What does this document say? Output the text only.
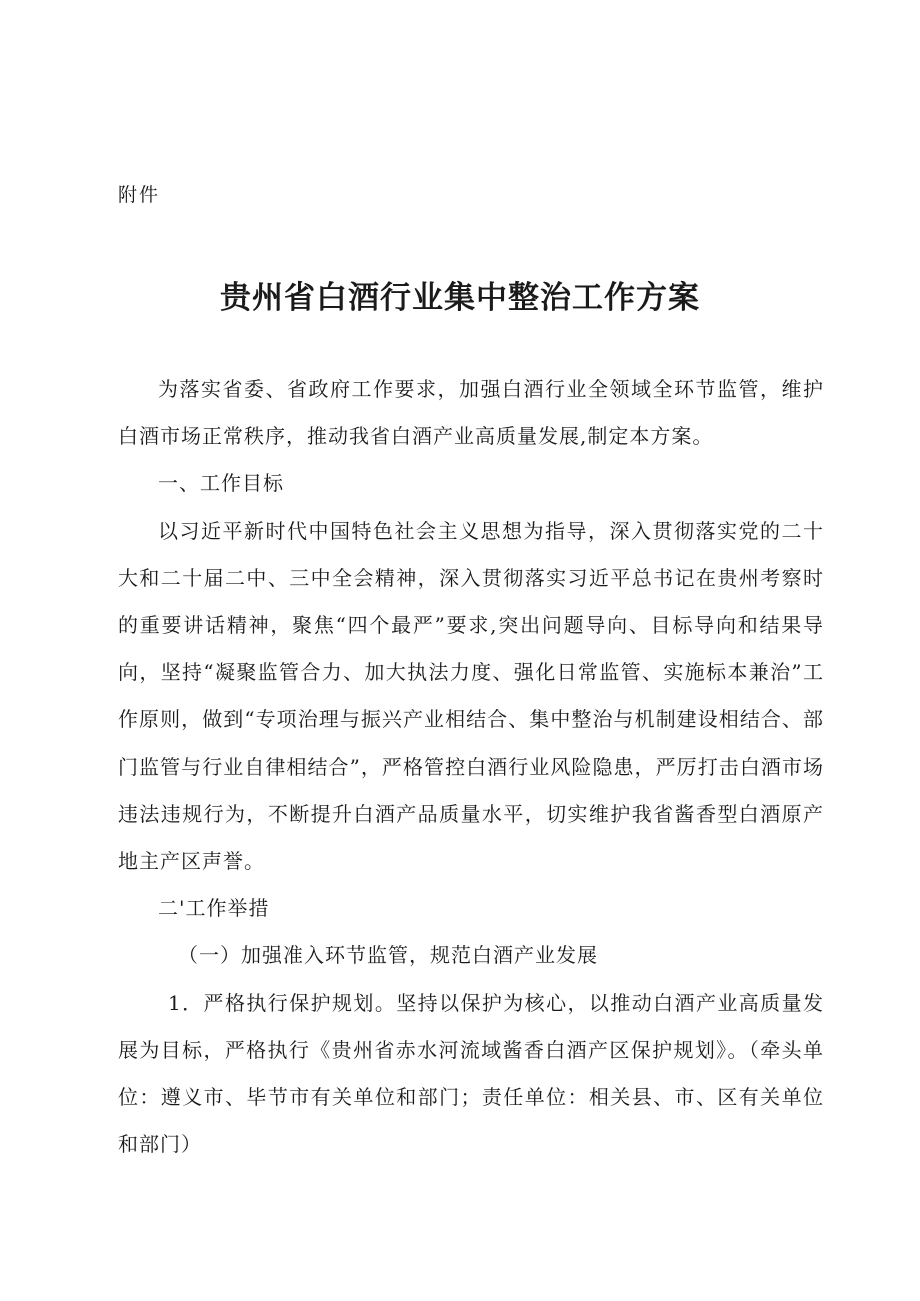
附件
贵州省白酒行业集中整治工作方案

为落实省委、省政府工作要求，加强白酒行业全领域全环节监管，维护白酒市场正常秩序，推动我省白酒产业高质量发展,制定本方案。

一、工作目标

以习近平新时代中国特色社会主义思想为指导，深入贯彻落实党的二十大和二十届二中、三中全会精神，深入贯彻落实习近平总书记在贵州考察时的重要讲话精神，聚焦“四个最严”要求,突出问题导向、目标导向和结果导向，坚持“凝聚监管合力、加大执法力度、强化日常监管、实施标本兼治”工作原则，做到“专项治理与振兴产业相结合、集中整治与机制建设相结合、部门监管与行业自律相结合”，严格管控白酒行业风险隐患，严厉打击白酒市场违法违规行为，不断提升白酒产品质量水平，切实维护我省酱香型白酒原产地主产区声誉。

二'工作举措

（一）加强准入环节监管，规范白酒产业发展

1．严格执行保护规划。坚持以保护为核心，以推动白酒产业高质量发展为目标，严格执行《贵州省赤水河流域酱香白酒产区保护规划》。（牵头单位：遵义市、毕节市有关单位和部门；责任单位：相关县、市、区有关单位和部门）
